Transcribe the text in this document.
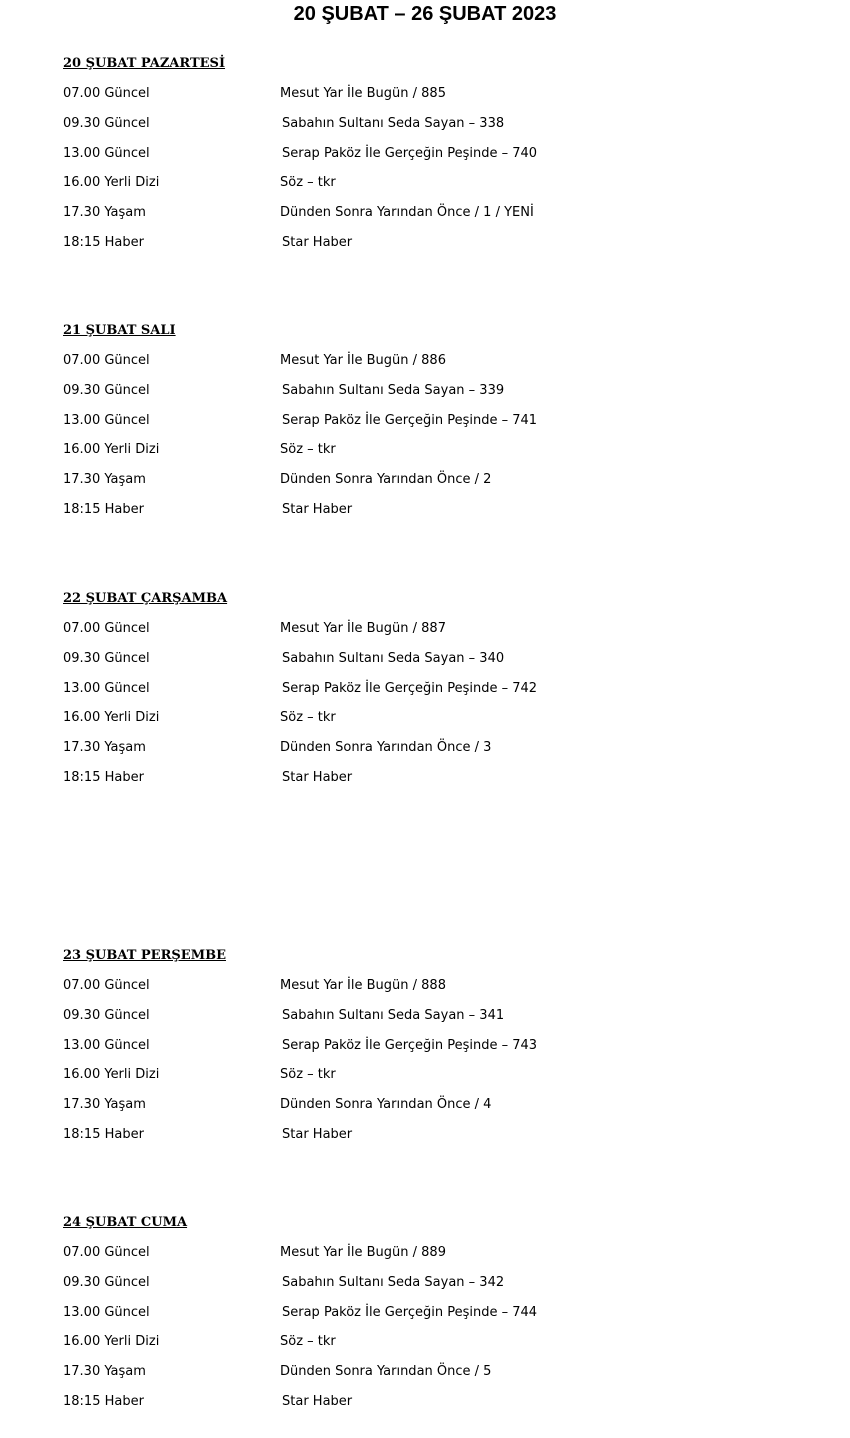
20 ŞUBAT – 26 ŞUBAT 2023
20 ŞUBAT PAZARTESİ
07.00 Güncel	Mesut Yar İle Bugün / 885
09.30 Güncel	Sabahın Sultanı Seda Sayan – 338
13.00 Güncel	Serap Paköz İle Gerçeğin Peşinde – 740
16.00 Yerli Dizi	Söz – tkr
17.30 Yaşam	Dünden Sonra Yarından Önce / 1 / YENİ
18:15 Haber	Star Haber
21 ŞUBAT SALI
07.00 Güncel	Mesut Yar İle Bugün / 886
09.30 Güncel	Sabahın Sultanı Seda Sayan – 339
13.00 Güncel	Serap Paköz İle Gerçeğin Peşinde – 741
16.00 Yerli Dizi	Söz – tkr
17.30 Yaşam	Dünden Sonra Yarından Önce / 2
18:15 Haber	Star Haber
22 ŞUBAT ÇARŞAMBA
07.00 Güncel	Mesut Yar İle Bugün / 887
09.30 Güncel	Sabahın Sultanı Seda Sayan – 340
13.00 Güncel	Serap Paköz İle Gerçeğin Peşinde – 742
16.00 Yerli Dizi	Söz – tkr
17.30 Yaşam	Dünden Sonra Yarından Önce / 3
18:15 Haber	Star Haber
23 ŞUBAT PERŞEMBE
07.00 Güncel	Mesut Yar İle Bugün / 888
09.30 Güncel	Sabahın Sultanı Seda Sayan – 341
13.00 Güncel	Serap Paköz İle Gerçeğin Peşinde – 743
16.00 Yerli Dizi	Söz – tkr
17.30 Yaşam	Dünden Sonra Yarından Önce / 4
18:15 Haber	Star Haber
24 ŞUBAT CUMA
07.00 Güncel	Mesut Yar İle Bugün / 889
09.30 Güncel	Sabahın Sultanı Seda Sayan – 342
13.00 Güncel	Serap Paköz İle Gerçeğin Peşinde – 744
16.00 Yerli Dizi	Söz – tkr
17.30 Yaşam	Dünden Sonra Yarından Önce / 5
18:15 Haber	Star Haber
